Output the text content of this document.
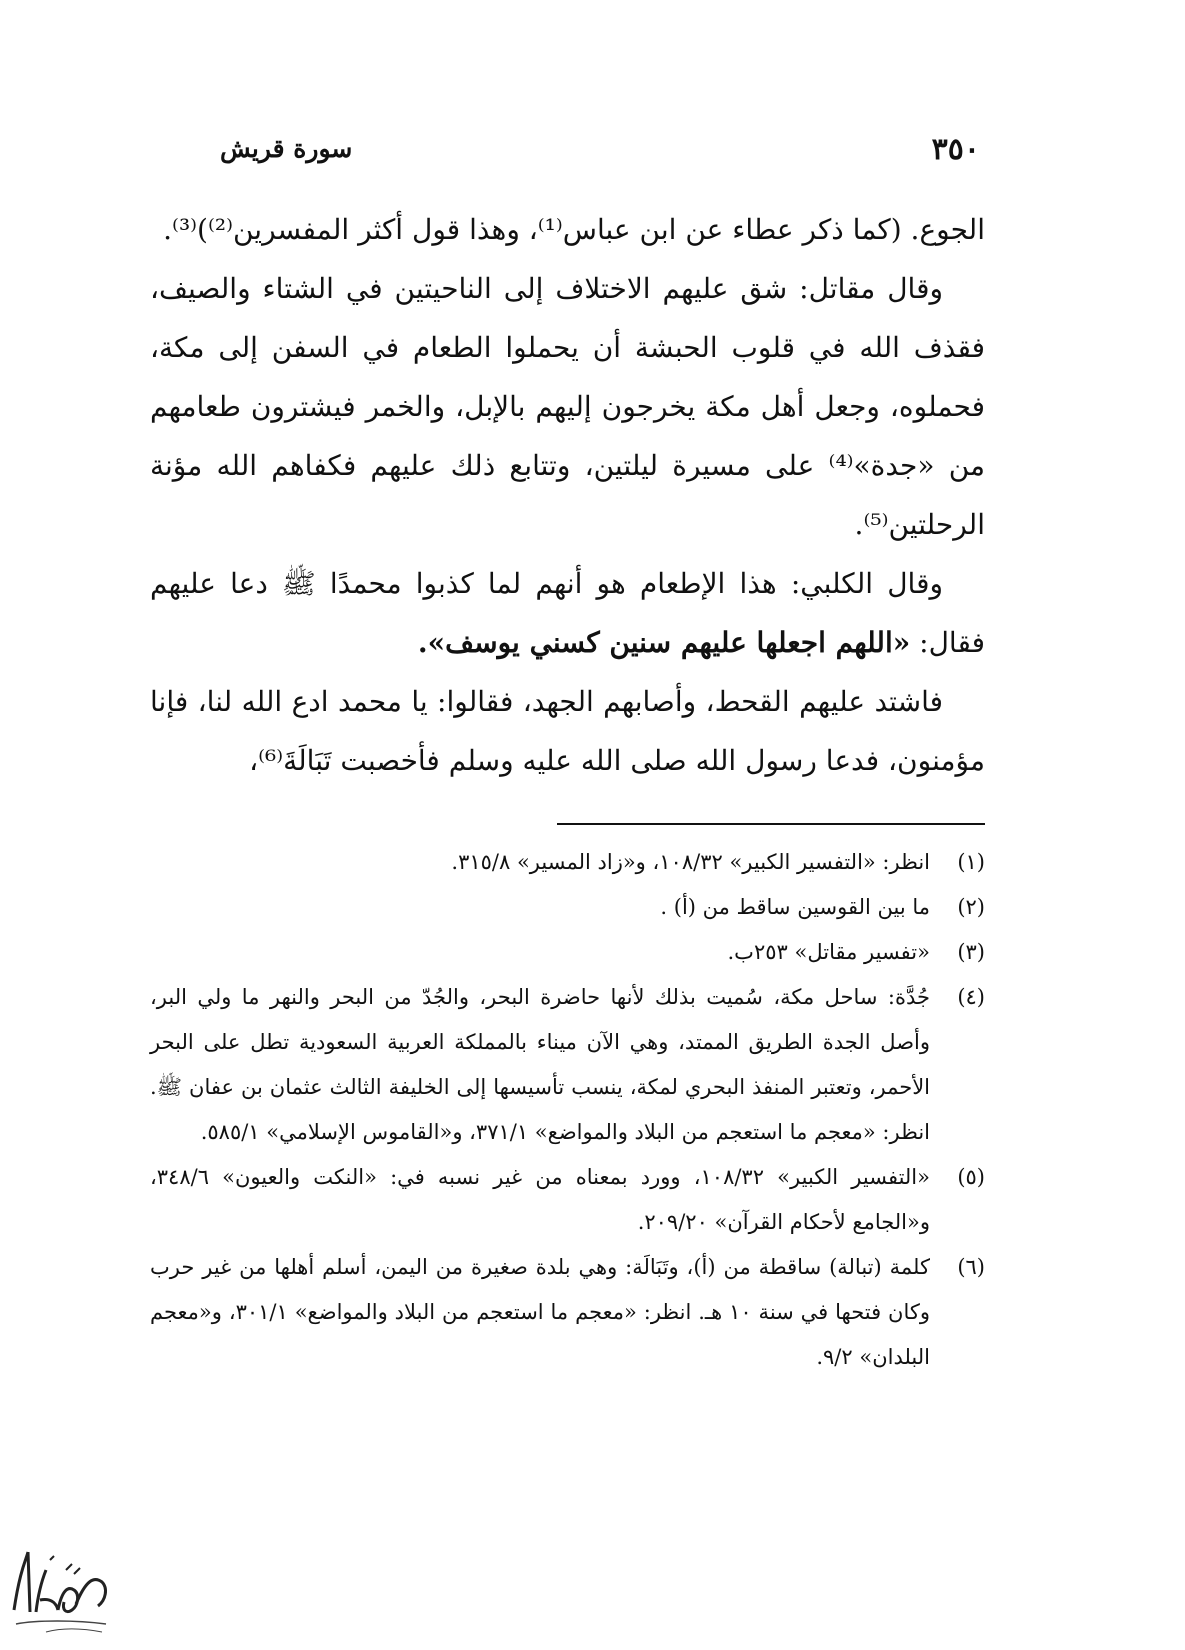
٣٥٠
سورة قريش

الجوع. (كما ذكر عطاء عن ابن عباس⁽¹⁾، وهذا قول أكثر المفسرين⁽²⁾)⁽³⁾.

وقال مقاتل: شق عليهم الاختلاف إلى الناحيتين في الشتاء والصيف، فقذف الله في قلوب الحبشة أن يحملوا الطعام في السفن إلى مكة، فحملوه، وجعل أهل مكة يخرجون إليهم بالإبل، والخمر فيشترون طعامهم من «جدة»⁽⁴⁾ على مسيرة ليلتين، وتتابع ذلك عليهم فكفاهم الله مؤنة الرحلتين⁽⁵⁾.

وقال الكلبي: هذا الإطعام هو أنهم لما كذبوا محمدًا ﷺ دعا عليهم فقال: «اللهم اجعلها عليهم سنين كسني يوسف».

فاشتد عليهم القحط، وأصابهم الجهد، فقالوا: يا محمد ادع الله لنا، فإنا مؤمنون، فدعا رسول الله صلى الله عليه وسلم فأخصبت تَبَالَةَ⁽⁶⁾،

(١)
انظر: «التفسير الكبير» ١٠٨/٣٢، و«زاد المسير» ٣١٥/٨.
(٢)
ما بين القوسين ساقط من (أ) .
(٣)
«تفسير مقاتل» ٢٥٣ب.
(٤)
جُدَّة: ساحل مكة، سُميت بذلك لأنها حاضرة البحر، والجُدّ من البحر والنهر ما ولي البر، وأصل الجدة الطريق الممتد، وهي الآن ميناء بالمملكة العربية السعودية تطل على البحر الأحمر، وتعتبر المنفذ البحري لمكة، ينسب تأسيسها إلى الخليفة الثالث عثمان بن عفان ﷺ. انظر: «معجم ما استعجم من البلاد والمواضع» ٣٧١/١، و«القاموس الإسلامي» ٥٨٥/١.
(٥)
«التفسير الكبير» ١٠٨/٣٢، وورد بمعناه من غير نسبه في: «النكت والعيون» ٣٤٨/٦، و«الجامع لأحكام القرآن» ٢٠٩/٢٠.
(٦)
كلمة (تبالة) ساقطة من (أ)، وتَبَالَة: وهي بلدة صغيرة من اليمن، أسلم أهلها من غير حرب وكان فتحها في سنة ١٠ هـ. انظر: «معجم ما استعجم من البلاد والمواضع» ٣٠١/١، و«معجم البلدان» ٩/٢.
